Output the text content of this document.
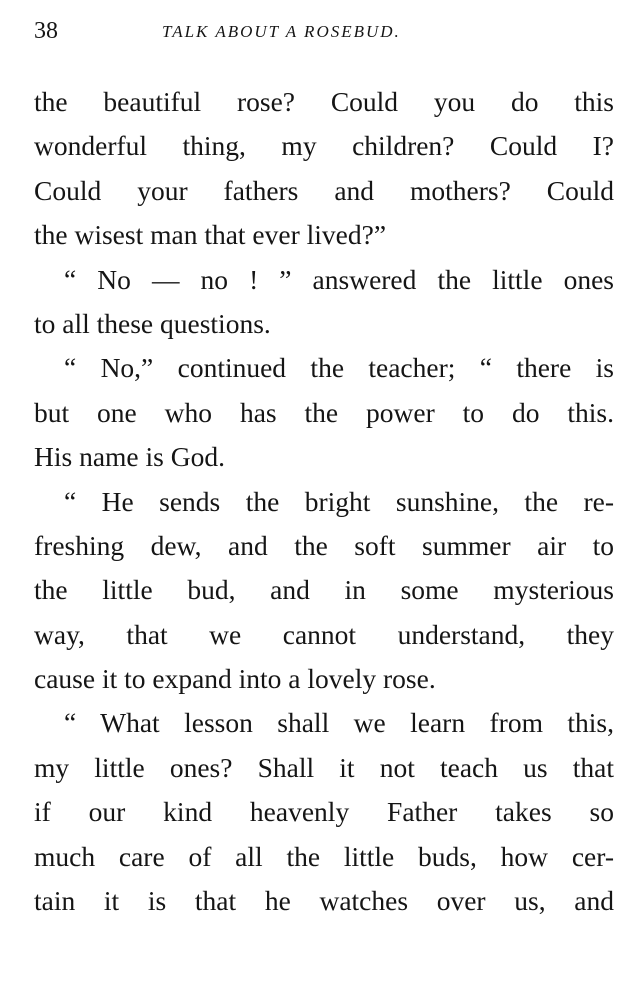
38	TALK ABOUT A ROSEBUD.
the beautiful rose? Could you do this
wonderful thing, my children? Could I?
Could your fathers and mothers? Could
the wisest man that ever lived?”
“ No — no ! ” answered the little ones
to all these questions.
“ No,” continued the teacher; “ there is
but one who has the power to do this.
His name is God.
“ He sends the bright sunshine, the re-
freshing dew, and the soft summer air to
the little bud, and in some mysterious
way, that we cannot understand, they
cause it to expand into a lovely rose.
“ What lesson shall we learn from this,
my little ones? Shall it not teach us that
if our kind heavenly Father takes so
much care of all the little buds, how cer-
tain it is that he watches over us, and
